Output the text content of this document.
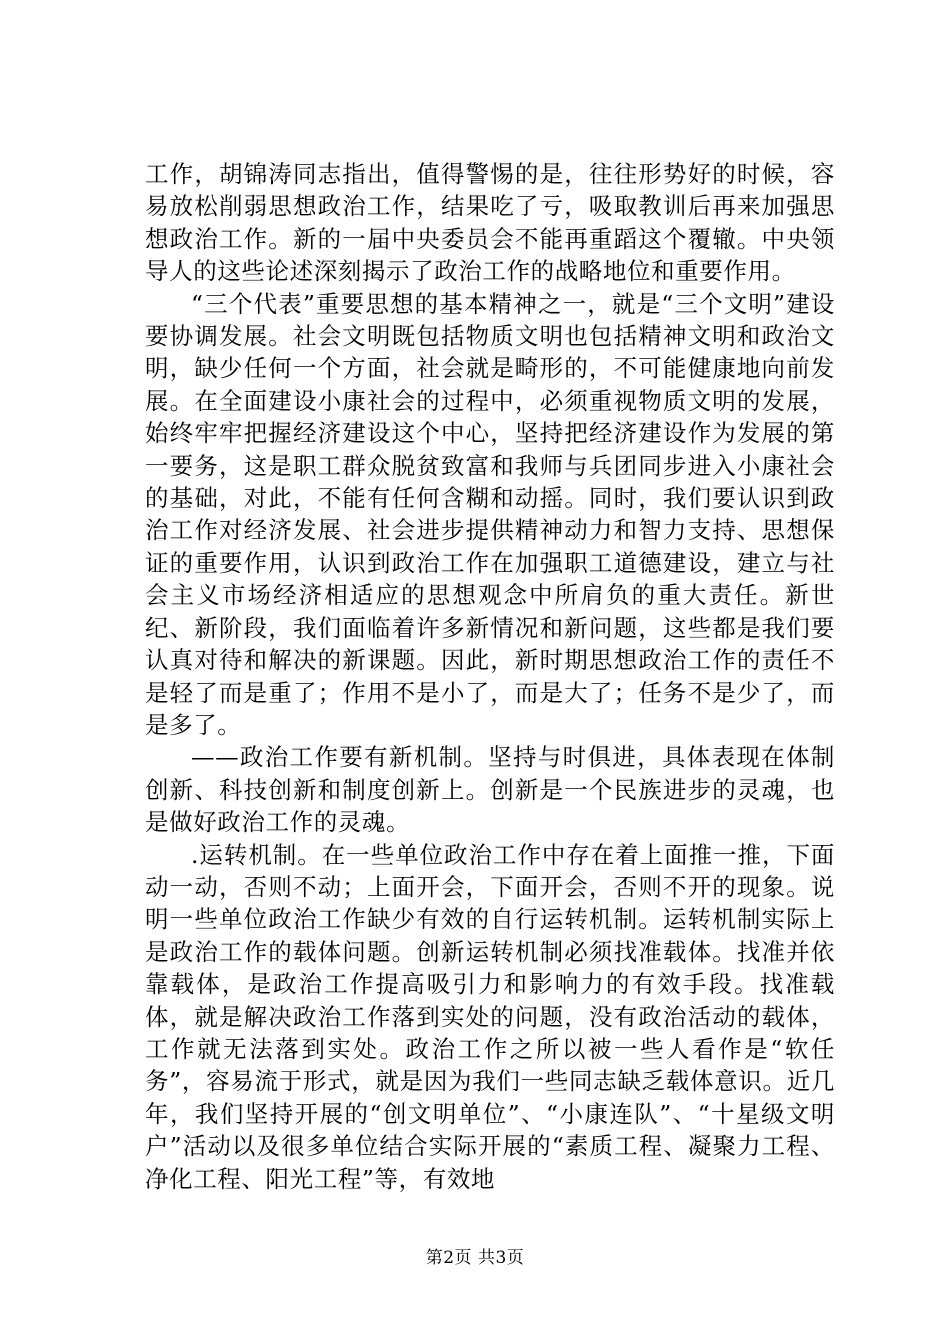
工作，胡锦涛同志指出，值得警惕的是，往往形势好的时候，容易放松削弱思想政治工作，结果吃了亏，吸取教训后再来加强思想政治工作。新的一届中央委员会不能再重蹈这个覆辙。中央领导人的这些论述深刻揭示了政治工作的战略地位和重要作用。

“三个代表”重要思想的基本精神之一，就是“三个文明”建设要协调发展。社会文明既包括物质文明也包括精神文明和政治文明，缺少任何一个方面，社会就是畸形的，不可能健康地向前发展。在全面建设小康社会的过程中，必须重视物质文明的发展，始终牢牢把握经济建设这个中心，坚持把经济建设作为发展的第一要务，这是职工群众脱贫致富和我师与兵团同步进入小康社会的基础，对此，不能有任何含糊和动摇。同时，我们要认识到政治工作对经济发展、社会进步提供精神动力和智力支持、思想保证的重要作用，认识到政治工作在加强职工道德建设，建立与社会主义市场经济相适应的思想观念中所肩负的重大责任。新世纪、新阶段，我们面临着许多新情况和新问题，这些都是我们要认真对待和解决的新课题。因此，新时期思想政治工作的责任不是轻了而是重了；作用不是小了，而是大了；任务不是少了，而是多了。

——政治工作要有新机制。坚持与时俱进，具体表现在体制创新、科技创新和制度创新上。创新是一个民族进步的灵魂，也是做好政治工作的灵魂。

.运转机制。在一些单位政治工作中存在着上面推一推，下面动一动，否则不动；上面开会，下面开会，否则不开的现象。说明一些单位政治工作缺少有效的自行运转机制。运转机制实际上是政治工作的载体问题。创新运转机制必须找准载体。找准并依靠载体，是政治工作提高吸引力和影响力的有效手段。找准载体，就是解决政治工作落到实处的问题，没有政治活动的载体，工作就无法落到实处。政治工作之所以被一些人看作是“软任务”，容易流于形式，就是因为我们一些同志缺乏载体意识。近几年，我们坚持开展的“创文明单位”、“小康连队”、“十星级文明户”活动以及很多单位结合实际开展的“素质工程、凝聚力工程、净化工程、阳光工程”等，有效地

第2页 共3页
